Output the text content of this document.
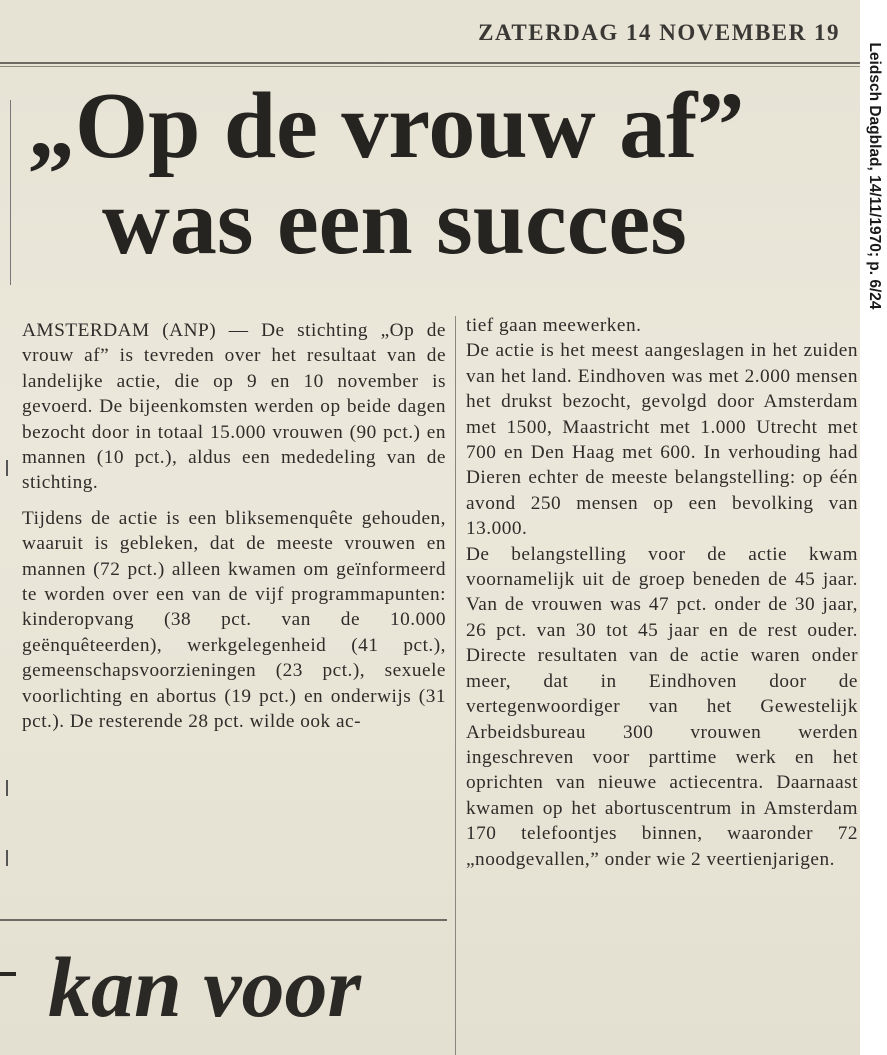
ZATERDAG 14 NOVEMBER 19
„Op de vrouw af”
was een succes

AMSTERDAM (ANP) — De stichting „Op de vrouw af” is tevreden over het resultaat van de landelijke actie, die op 9 en 10 november is gevoerd. De bijeenkomsten werden op beide dagen bezocht door in totaal 15.000 vrouwen (90 pct.) en mannen (10 pct.), aldus een mededeling van de stichting.

Tijdens de actie is een bliksemenquête gehouden, waaruit is gebleken, dat de meeste vrouwen en mannen (72 pct.) alleen kwamen om geïnformeerd te worden over een van de vijf programmapunten: kinderopvang (38 pct. van de 10.000 geënquêteerden), werkgelegenheid (41 pct.), gemeenschapsvoorzieningen (23 pct.), sexuele voorlichting en abortus (19 pct.) en onderwijs (31 pct.). De resterende 28 pct. wilde ook ac-

tief gaan meewerken.

De actie is het meest aangeslagen in het zuiden van het land. Eindhoven was met 2.000 mensen het drukst bezocht, gevolgd door Amsterdam met 1500, Maastricht met 1.000 Utrecht met 700 en Den Haag met 600. In verhouding had Dieren echter de meeste belangstelling: op één avond 250 mensen op een bevolking van 13.000.

De belangstelling voor de actie kwam voornamelijk uit de groep beneden de 45 jaar. Van de vrouwen was 47 pct. onder de 30 jaar, 26 pct. van 30 tot 45 jaar en de rest ouder. Directe resultaten van de actie waren onder meer, dat in Eindhoven door de vertegenwoordiger van het Gewestelijk Arbeidsbureau 300 vrouwen werden ingeschreven voor parttime werk en het oprichten van nieuwe actiecentra. Daarnaast kwamen op het abortuscentrum in Amsterdam 170 telefoontjes binnen, waaronder 72 „noodgevallen,” onder wie 2 veertienjarigen.

kan voor
Leidsch Dagblad, 14/11/1970; p. 6/24
